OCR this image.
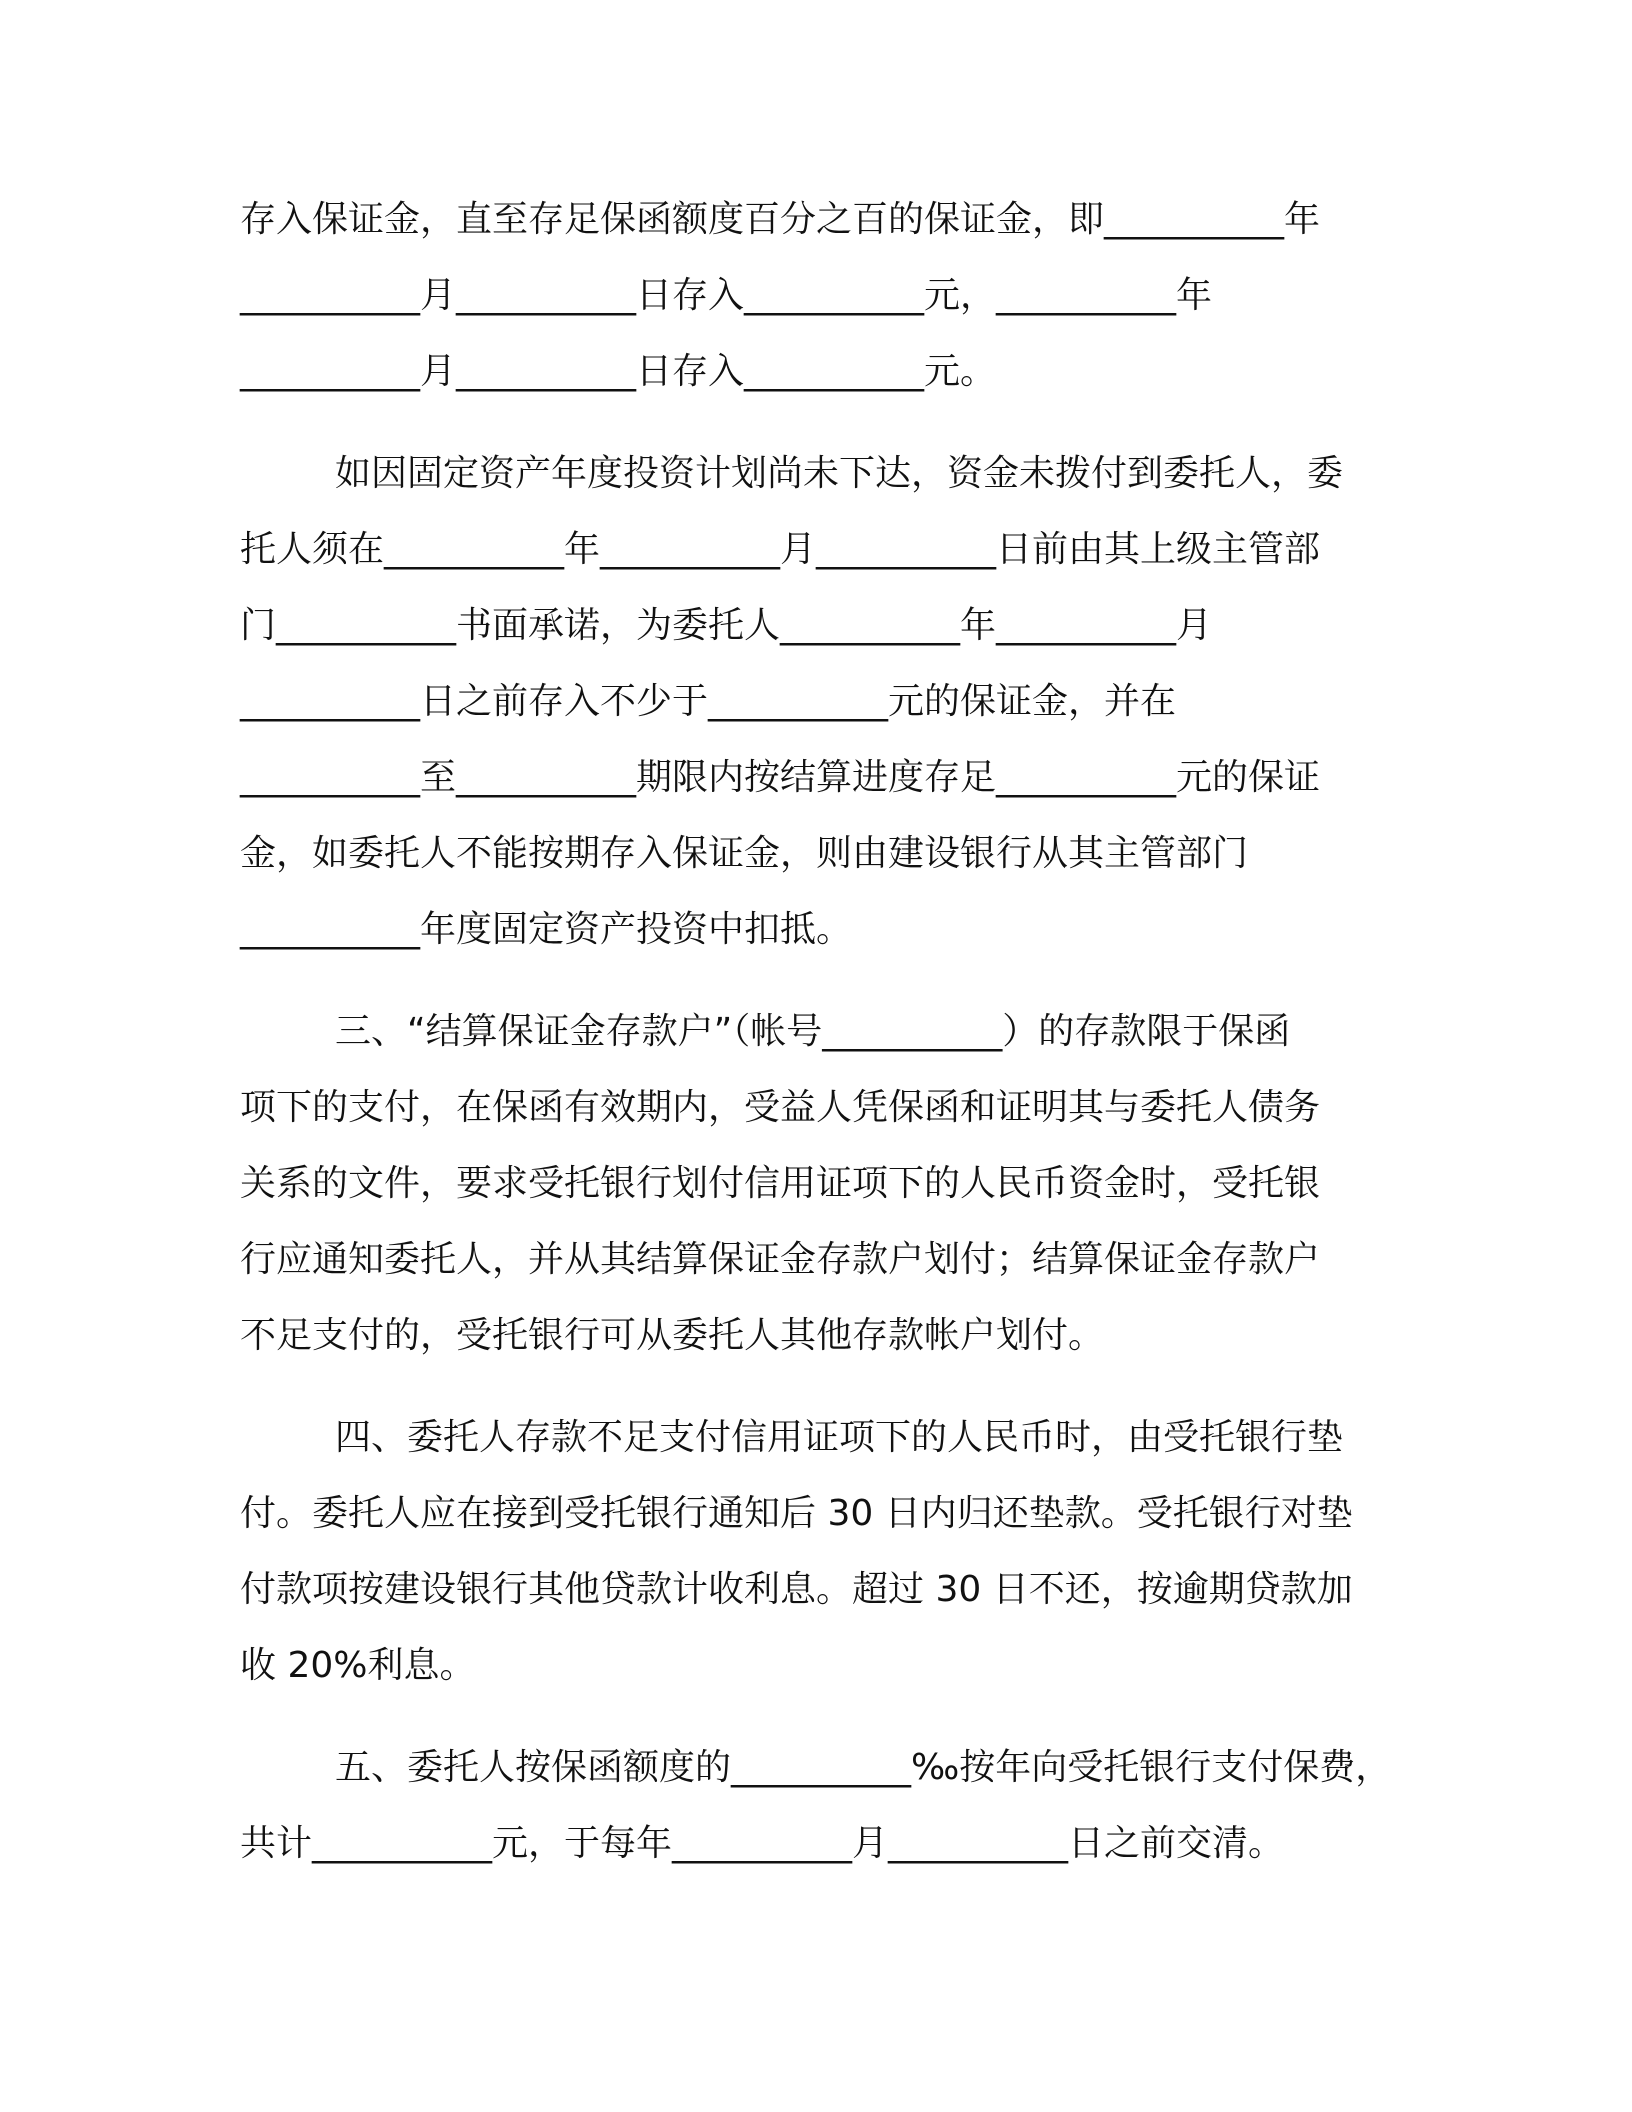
存入保证金，直至存足保函额度百分之百的保证金，即__________年
__________月__________日存入__________元，__________年
__________月__________日存入__________元。
如因固定资产年度投资计划尚未下达，资金未拨付到委托人，委
托人须在__________年__________月__________日前由其上级主管部
门__________书面承诺，为委托人__________年__________月
__________日之前存入不少于__________元的保证金，并在
__________至__________期限内按结算进度存足__________元的保证
金，如委托人不能按期存入保证金，则由建设银行从其主管部门
__________年度固定资产投资中扣抵。
三、“结算保证金存款户”（帐号__________）的存款限于保函
项下的支付，在保函有效期内，受益人凭保函和证明其与委托人债务
关系的文件，要求受托银行划付信用证项下的人民币资金时，受托银
行应通知委托人，并从其结算保证金存款户划付；结算保证金存款户
不足支付的，受托银行可从委托人其他存款帐户划付。
四、委托人存款不足支付信用证项下的人民币时，由受托银行垫
付。委托人应在接到受托银行通知后 30 日内归还垫款。受托银行对垫
付款项按建设银行其他贷款计收利息。超过 30 日不还，按逾期贷款加
收 20%利息。
五、委托人按保函额度的__________‰按年向受托银行支付保费，
共计__________元，于每年__________月__________日之前交清。
